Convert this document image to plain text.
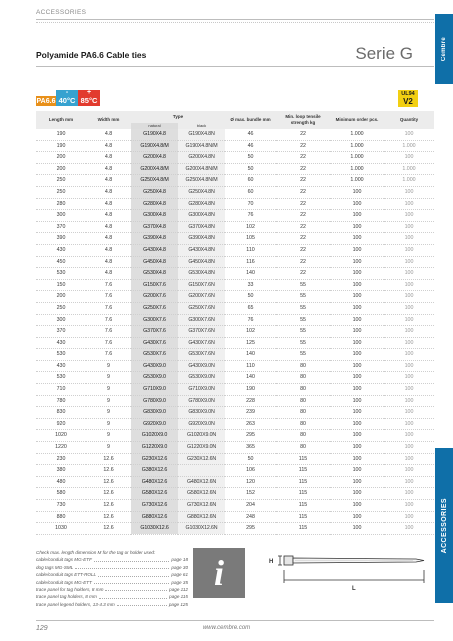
ACCESSORIES
Cembre
Polyamide PA6.6 Cable ties	Serie G
PA6.6
-
40°C
+
85°C
UL94
V2
Length mm	Width mm	Type		Ø max. bundle mm	Min. loop tensile strength kg	Minimum order pcs.	Quantity
		natural	black				
190	4.8	G190X4.8	G190X4.8N	46	22	1.000	100
190	4.8	G190X4.8/M	G190X4.8N/M	46	22	1.000	1.000
200	4.8	G200X4.8	G200X4.8N	50	22	1.000	100
200	4.8	G200X4.8/M	G200X4.8N/M	50	22	1.000	1.000
250	4.8	G250X4.8/M	G250X4.8N/M	60	22	1.000	1.000
250	4.8	G250X4.8	G250X4.8N	60	22	100	100
280	4.8	G280X4.8	G280X4.8N	70	22	100	100
300	4.8	G300X4.8	G300X4.8N	76	22	100	100
370	4.8	G370X4.8	G370X4.8N	102	22	100	100
390	4.8	G390X4.8	G390X4.8N	105	22	100	100
430	4.8	G430X4.8	G430X4.8N	110	22	100	100
450	4.8	G450X4.8	G450X4.8N	116	22	100	100
530	4.8	G530X4.8	G530X4.8N	140	22	100	100
150	7.6	G150X7.6	G150X7.6N	33	55	100	100
200	7.6	G200X7.6	G200X7.6N	50	55	100	100
250	7.6	G250X7.6	G250X7.6N	65	55	100	100
300	7.6	G300X7.6	G300X7.6N	76	55	100	100
370	7.6	G370X7.6	G370X7.6N	102	55	100	100
430	7.6	G430X7.6	G430X7.6N	125	55	100	100
530	7.6	G530X7.6	G530X7.6N	140	55	100	100
430	9	G430X9.0	G430X9.0N	110	80	100	100
530	9	G530X9.0	G530X9.0N	140	80	100	100
710	9	G710X9.0	G710X9.0N	190	80	100	100
780	9	G780X9.0	G780X9.0N	228	80	100	100
830	9	G830X9.0	G830X9.0N	239	80	100	100
920	9	G920X9.0	G920X9.0N	263	80	100	100
1020	9	G1020X9.0	G1020X9.0N	295	80	100	100
1220	9	G1220X9.0	G1220X9.0N	365	80	100	100
230	12.6	G230X12.6	G230X12.6N	50	115	100	100
380	12.6	G380X12.6		106	115	100	100
480	12.6	G480X12.6	G480X12.6N	120	115	100	100
580	12.6	G580X12.6	G580X12.6N	152	115	100	100
730	12.6	G730X12.6	G730X12.6N	204	115	100	100
880	12.6	G880X12.6	G880X12.6N	248	115	100	100
1030	12.6	G1030X12.6	G1030X12.6N	295	115	100	100	ACCESSORIES
Check max. length dimension M for the tag or holder used:
cable/conduit tags MG-ETF	page 18
dog tags MG-SML	page 30
cable/conduit tags ETT-ROLL	page 61
cable/conduit tags MG-ETT	page 35
trace panel for tag holders, 8 mm	page 112
trace panel tag holders, 8 mm	page 115
trace panel legend holders, 13-4.3 mm	page 125
i	H
L
129	www.cembre.com
